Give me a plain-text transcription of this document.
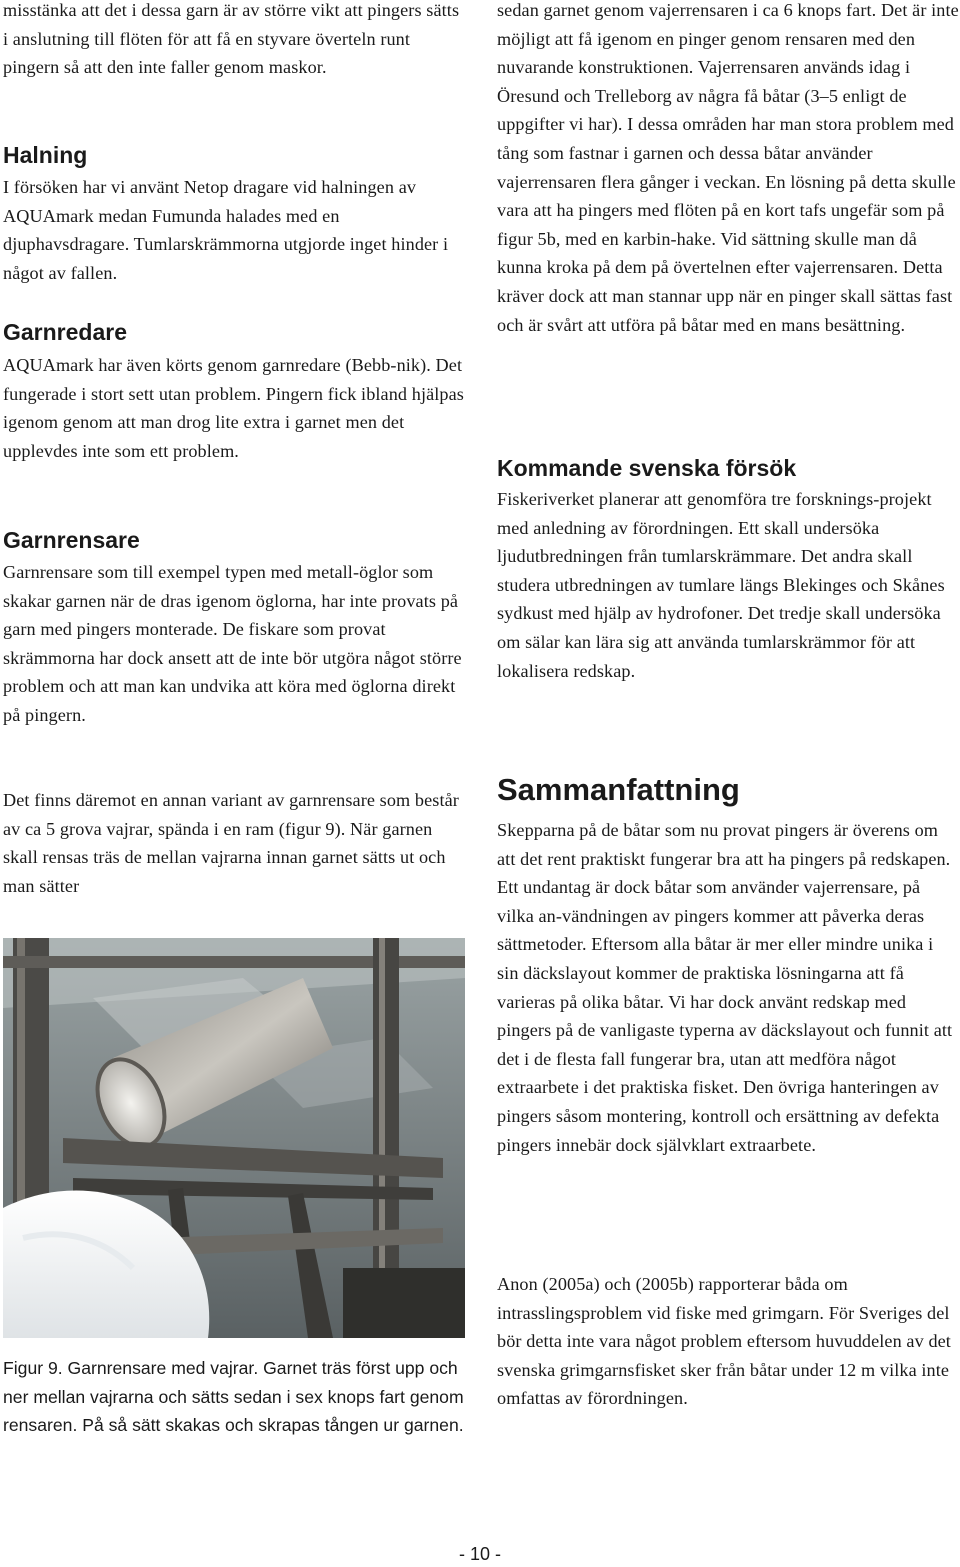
misstänka att det i dessa garn är av större vikt att pingers sätts i anslutning till flöten för att få en styvare överteln runt pingern så att den inte faller genom maskor.

Halning

I försöken har vi använt Netop dragare vid halningen av AQUAmark medan Fumunda halades med en djuphavsdragare. Tumlarskrämmorna utgjorde inget hinder i något av fallen.

Garnredare

AQUAmark har även körts genom garnredare (Bebb-nik). Det fungerade i stort sett utan problem. Pingern fick ibland hjälpas igenom genom att man drog lite extra i garnet men det upplevdes inte som ett problem.

Garnrensare

Garnrensare som till exempel typen med metall-öglor som skakar garnen när de dras igenom öglorna, har inte provats på garn med pingers monterade. De fiskare som provat skrämmorna har dock ansett att de inte bör utgöra något större problem och att man kan undvika att köra med öglorna direkt på pingern.

Det finns däremot en annan variant av garnrensare som består av ca 5 grova vajrar, spända i en ram (figur 9). När garnen skall rensas träs de mellan vajrarna innan garnet sätts ut och man sätter

Figur 9. Garnrensare med vajrar. Garnet träs först upp och ner mellan vajrarna och sätts sedan i sex knops fart genom rensaren. På så sätt skakas och skrapas tången ur garnen.

sedan garnet genom vajerrensaren i ca 6 knops fart. Det är inte möjligt att få igenom en pinger genom rensaren med den nuvarande konstruktionen. Vajerrensaren används idag i Öresund och Trelleborg av några få båtar (3–5 enligt de uppgifter vi har). I dessa områden har man stora problem med tång som fastnar i garnen och dessa båtar använder vajerrensaren flera gånger i veckan. En lösning på detta skulle vara att ha pingers med flöten på en kort tafs ungefär som på figur 5b, med en karbin-hake. Vid sättning skulle man då kunna kroka på dem på övertelnen efter vajerrensaren. Detta kräver dock att man stannar upp när en pinger skall sättas fast och är svårt att utföra på båtar med en mans besättning.

Kommande svenska försök

Fiskeriverket planerar att genomföra tre forsknings-projekt med anledning av förordningen. Ett skall undersöka ljudutbredningen från tumlarskrämmare. Det andra skall studera utbredningen av tumlare längs Blekinges och Skånes sydkust med hjälp av hydrofoner. Det tredje skall undersöka om sälar kan lära sig att använda tumlarskrämmor för att lokalisera redskap.

Sammanfattning

Skepparna på de båtar som nu provat pingers är överens om att det rent praktiskt fungerar bra att ha pingers på redskapen. Ett undantag är dock båtar som använder vajerrensare, på vilka an-vändningen av pingers kommer att påverka deras sättmetoder. Eftersom alla båtar är mer eller mindre unika i sin däckslayout kommer de praktiska lösningarna att få varieras på olika båtar. Vi har dock använt redskap med pingers på de vanligaste typerna av däckslayout och funnit att det i de flesta fall fungerar bra, utan att medföra något extraarbete i det praktiska fisket. Den övriga hanteringen av pingers såsom montering, kontroll och ersättning av defekta pingers innebär dock självklart extraarbete.

Anon (2005a) och (2005b) rapporterar båda om intrasslingsproblem vid fiske med grimgarn. För Sveriges del bör detta inte vara något problem eftersom huvuddelen av det svenska grimgarnsfisket sker från båtar under 12 m vilka inte omfattas av förordningen.

- 10 -
